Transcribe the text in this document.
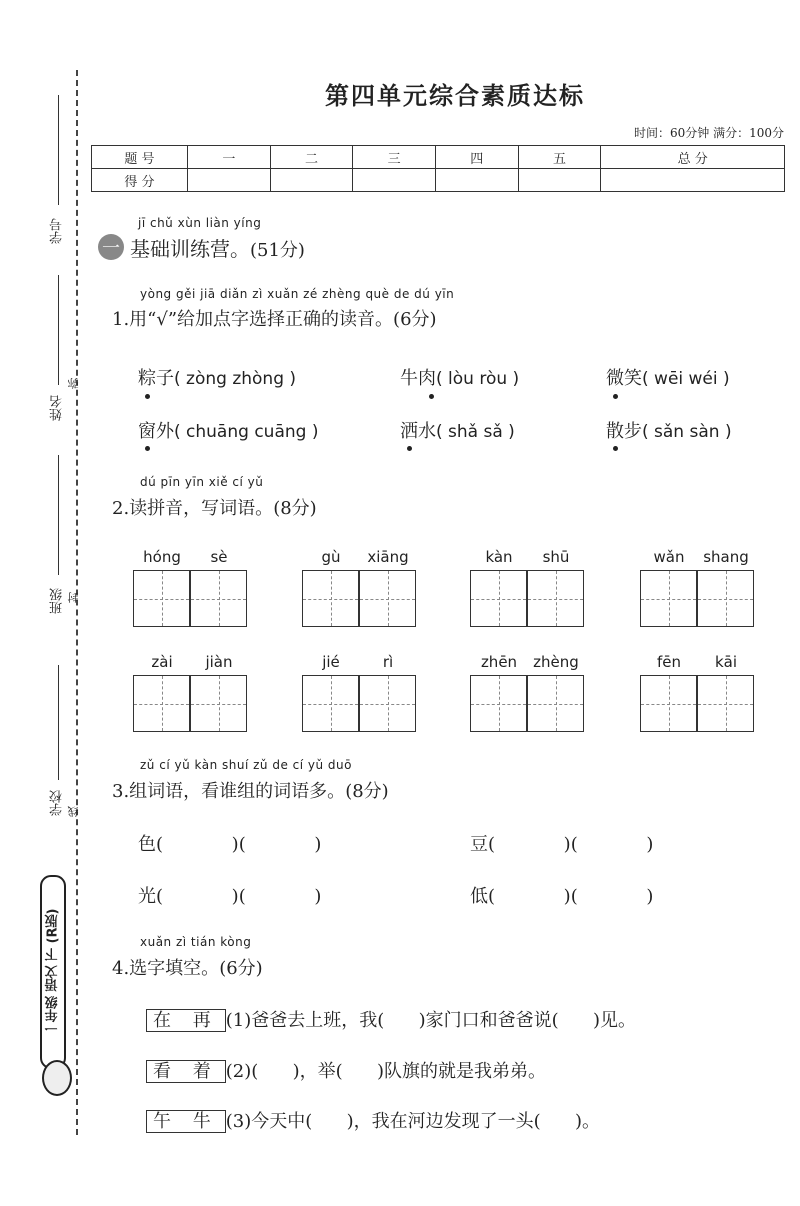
学号
姓名
弥
班级 封
学校 线
一年级 语文 下 (R版)
第四单元综合素质达标
时间：60分钟 满分：100分
题 号	一	二	三	四	五	总 分
得 分						
jī chǔ xùn liàn yíng
一 基础训练营。(51分)
yòng gěi jiā diǎn zì xuǎn zé zhèng què de dú yīn
1.用“√”给加点字选择正确的读音。(6分)
粽子( zòng zhòng )	牛肉( lòu ròu )	微笑( wēi wéi )
窗外( chuāng cuāng )	洒水( shǎ sǎ )	散步( sǎn sàn )
dú pīn yīn xiě cí yǔ
2.读拼音，写词语。(8分)
hóng	sè	gù	xiāng	kàn	shū	wǎn	shang
zài	jiàn	jié	rì	zhēn	zhèng	fēn	kāi
zǔ cí yǔ kàn shuí zǔ de cí yǔ duō
3.组词语，看谁组的词语多。(8分)
色(            )(            )	豆(            )(            )
光(            )(            )	低(            )(            )
xuǎn zì tián kòng
4.选字填空。(6分)
在 再 (1)爸爸去上班，我(      )家门口和爸爸说(      )见。
看 着 (2)(      )，举(      )队旗的就是我弟弟。
午 牛 (3)今天中(      )，我在河边发现了一头(      )。
